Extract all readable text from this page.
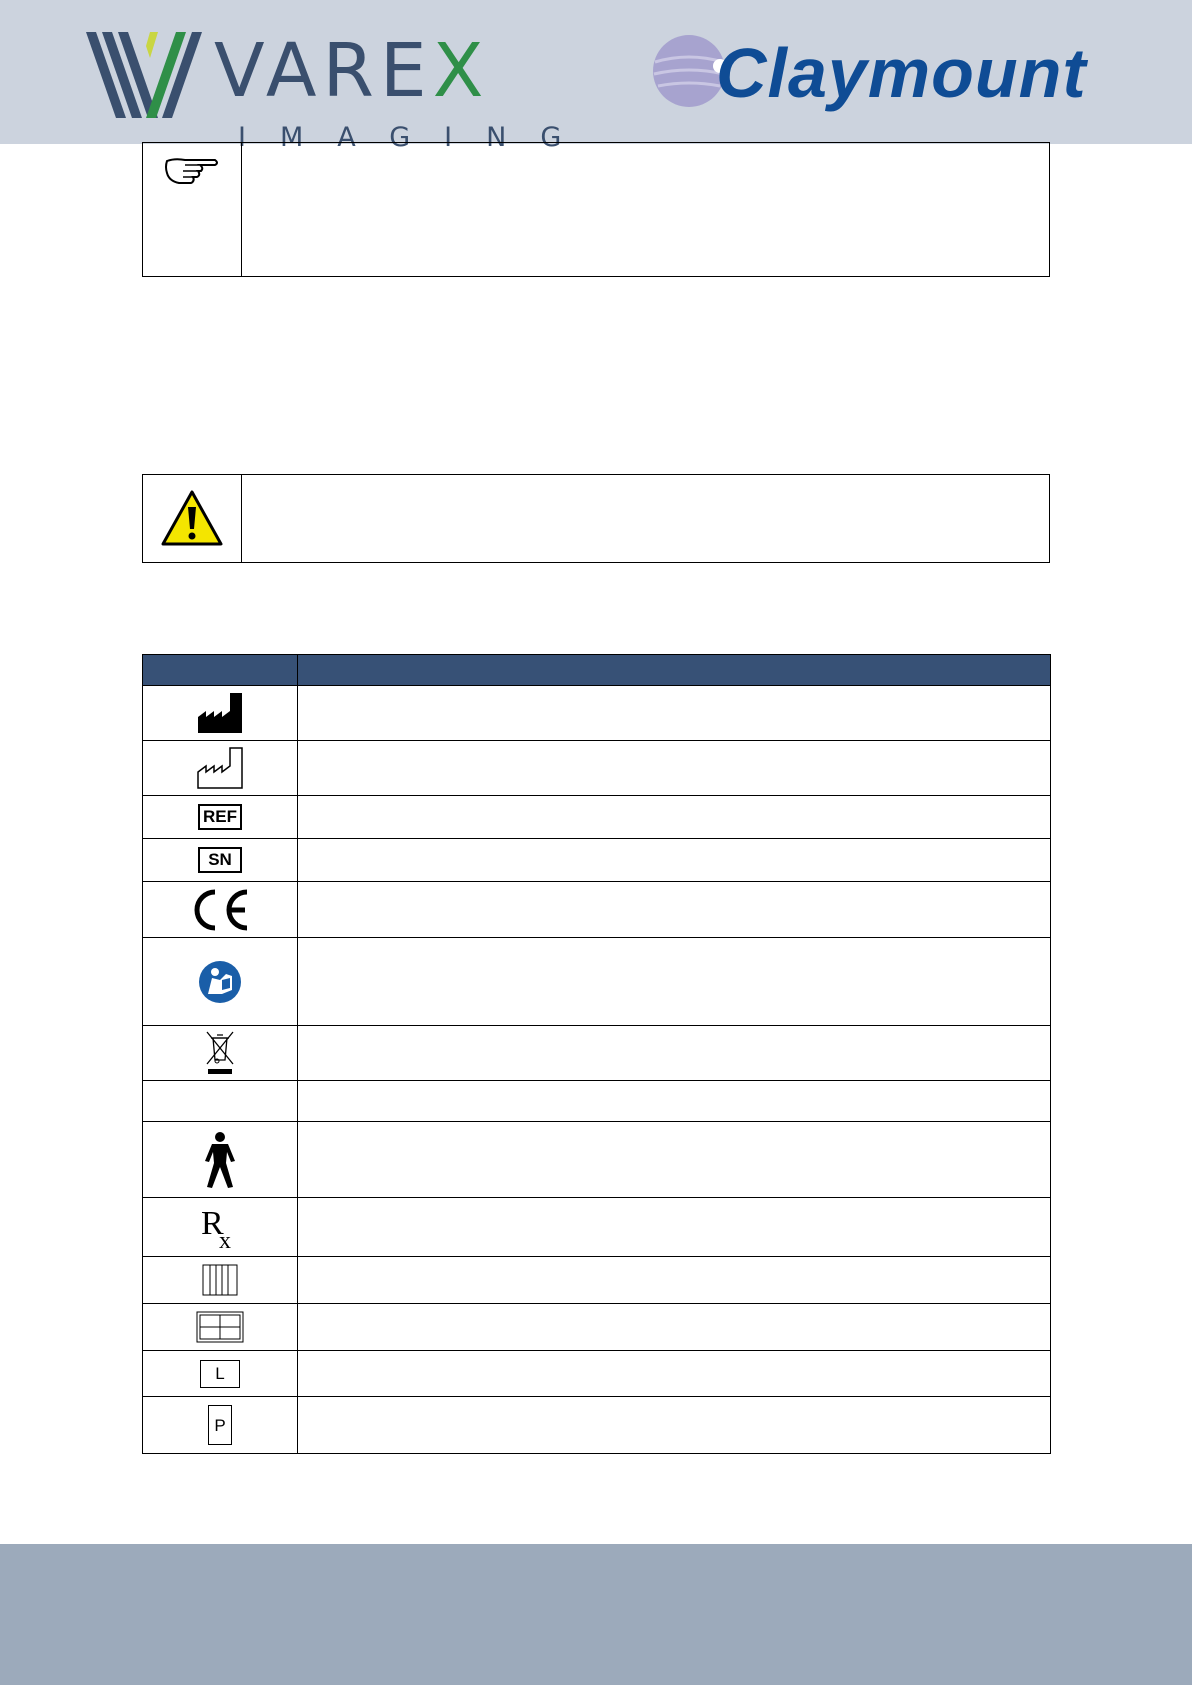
VAREX
IMAGING
Claymount

REF	
SN	

R
x	

L	
P	
